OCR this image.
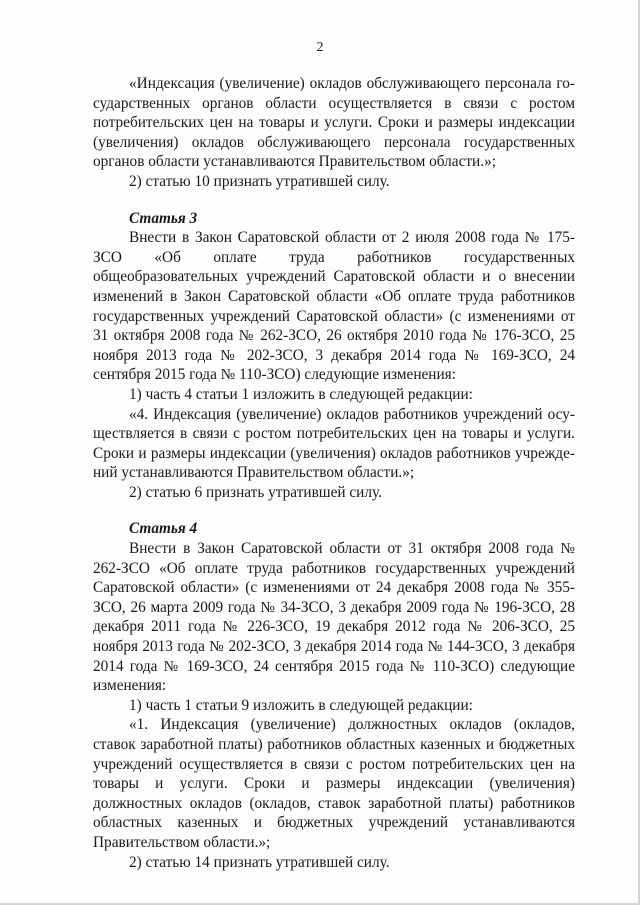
2

«Индексация (увеличение) окладов обслуживающего персонала государственных органов области осуществляется в связи с ростом потребительских цен на товары и услуги. Сроки и размеры индексации (увеличения) окладов обслуживающего персонала государственных органов области устанавливаются Правительством области.»;

2) статью 10 признать утратившей силу.

Статья 3

Внести в Закон Саратовской области от 2 июля 2008 года № 175-ЗСО «Об оплате труда работников государственных общеобразовательных учреждений Саратовской области и о внесении изменений в Закон Саратовской области «Об оплате труда работников государственных учреждений Саратовской области» (с изменениями от 31 октября 2008 года № 262-ЗСО, 26 октября 2010 года № 176-ЗСО, 25 ноября 2013 года № 202-ЗСО, 3 декабря 2014 года № 169-ЗСО, 24 сентября 2015 года № 110-ЗСО) следующие изменения:

1) часть 4 статьи 1 изложить в следующей редакции:

«4. Индексация (увеличение) окладов работников учреждений осуществляется в связи с ростом потребительских цен на товары и услуги. Сроки и размеры индексации (увеличения) окладов работников учреждений устанавливаются Правительством области.»;

2) статью 6 признать утратившей силу.

Статья 4

Внести в Закон Саратовской области от 31 октября 2008 года № 262-ЗСО «Об оплате труда работников государственных учреждений Саратовской области» (с изменениями от 24 декабря 2008 года № 355-ЗСО, 26 марта 2009 года № 34-ЗСО, 3 декабря 2009 года № 196-ЗСО, 28 декабря 2011 года № 226-ЗСО, 19 декабря 2012 года № 206-ЗСО, 25 ноября 2013 года № 202-ЗСО, 3 декабря 2014 года № 144-ЗСО, 3 декабря 2014 года № 169-ЗСО, 24 сентября 2015 года № 110-ЗСО) следующие изменения:

1) часть 1 статьи 9 изложить в следующей редакции:

«1. Индексация (увеличение) должностных окладов (окладов, ставок заработной платы) работников областных казенных и бюджетных учреждений осуществляется в связи с ростом потребительских цен на товары и услуги. Сроки и размеры индексации (увеличения) должностных окладов (окладов, ставок заработной платы) работников областных казенных и бюджетных учреждений устанавливаются Правительством области.»;

2) статью 14 признать утратившей силу.
